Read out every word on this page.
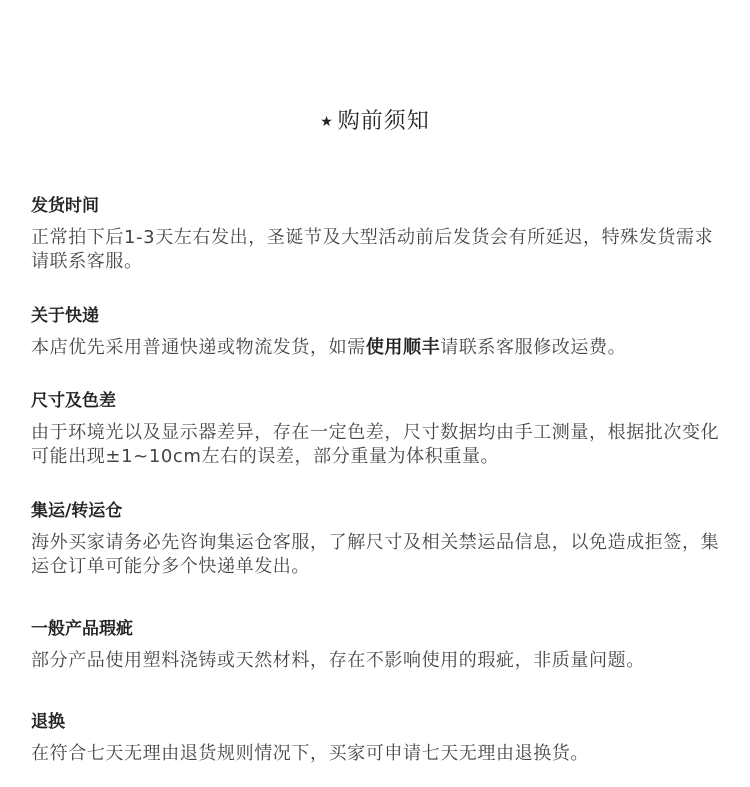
★ 购前须知
发货时间

正常拍下后1-3天左右发出，圣诞节及大型活动前后发货会有所延迟，特殊发货需求请联系客服。

关于快递

本店优先采用普通快递或物流发货，如需使用顺丰请联系客服修改运费。

尺寸及色差

由于环境光以及显示器差异，存在一定色差，尺寸数据均由手工测量，根据批次变化可能出现±1~10cm左右的误差，部分重量为体积重量。

集运/转运仓

海外买家请务必先咨询集运仓客服，了解尺寸及相关禁运品信息，以免造成拒签，集运仓订单可能分多个快递单发出。

一般产品瑕疵

部分产品使用塑料浇铸或天然材料，存在不影响使用的瑕疵，非质量问题。

退换

在符合七天无理由退货规则情况下，买家可申请七天无理由退换货。
